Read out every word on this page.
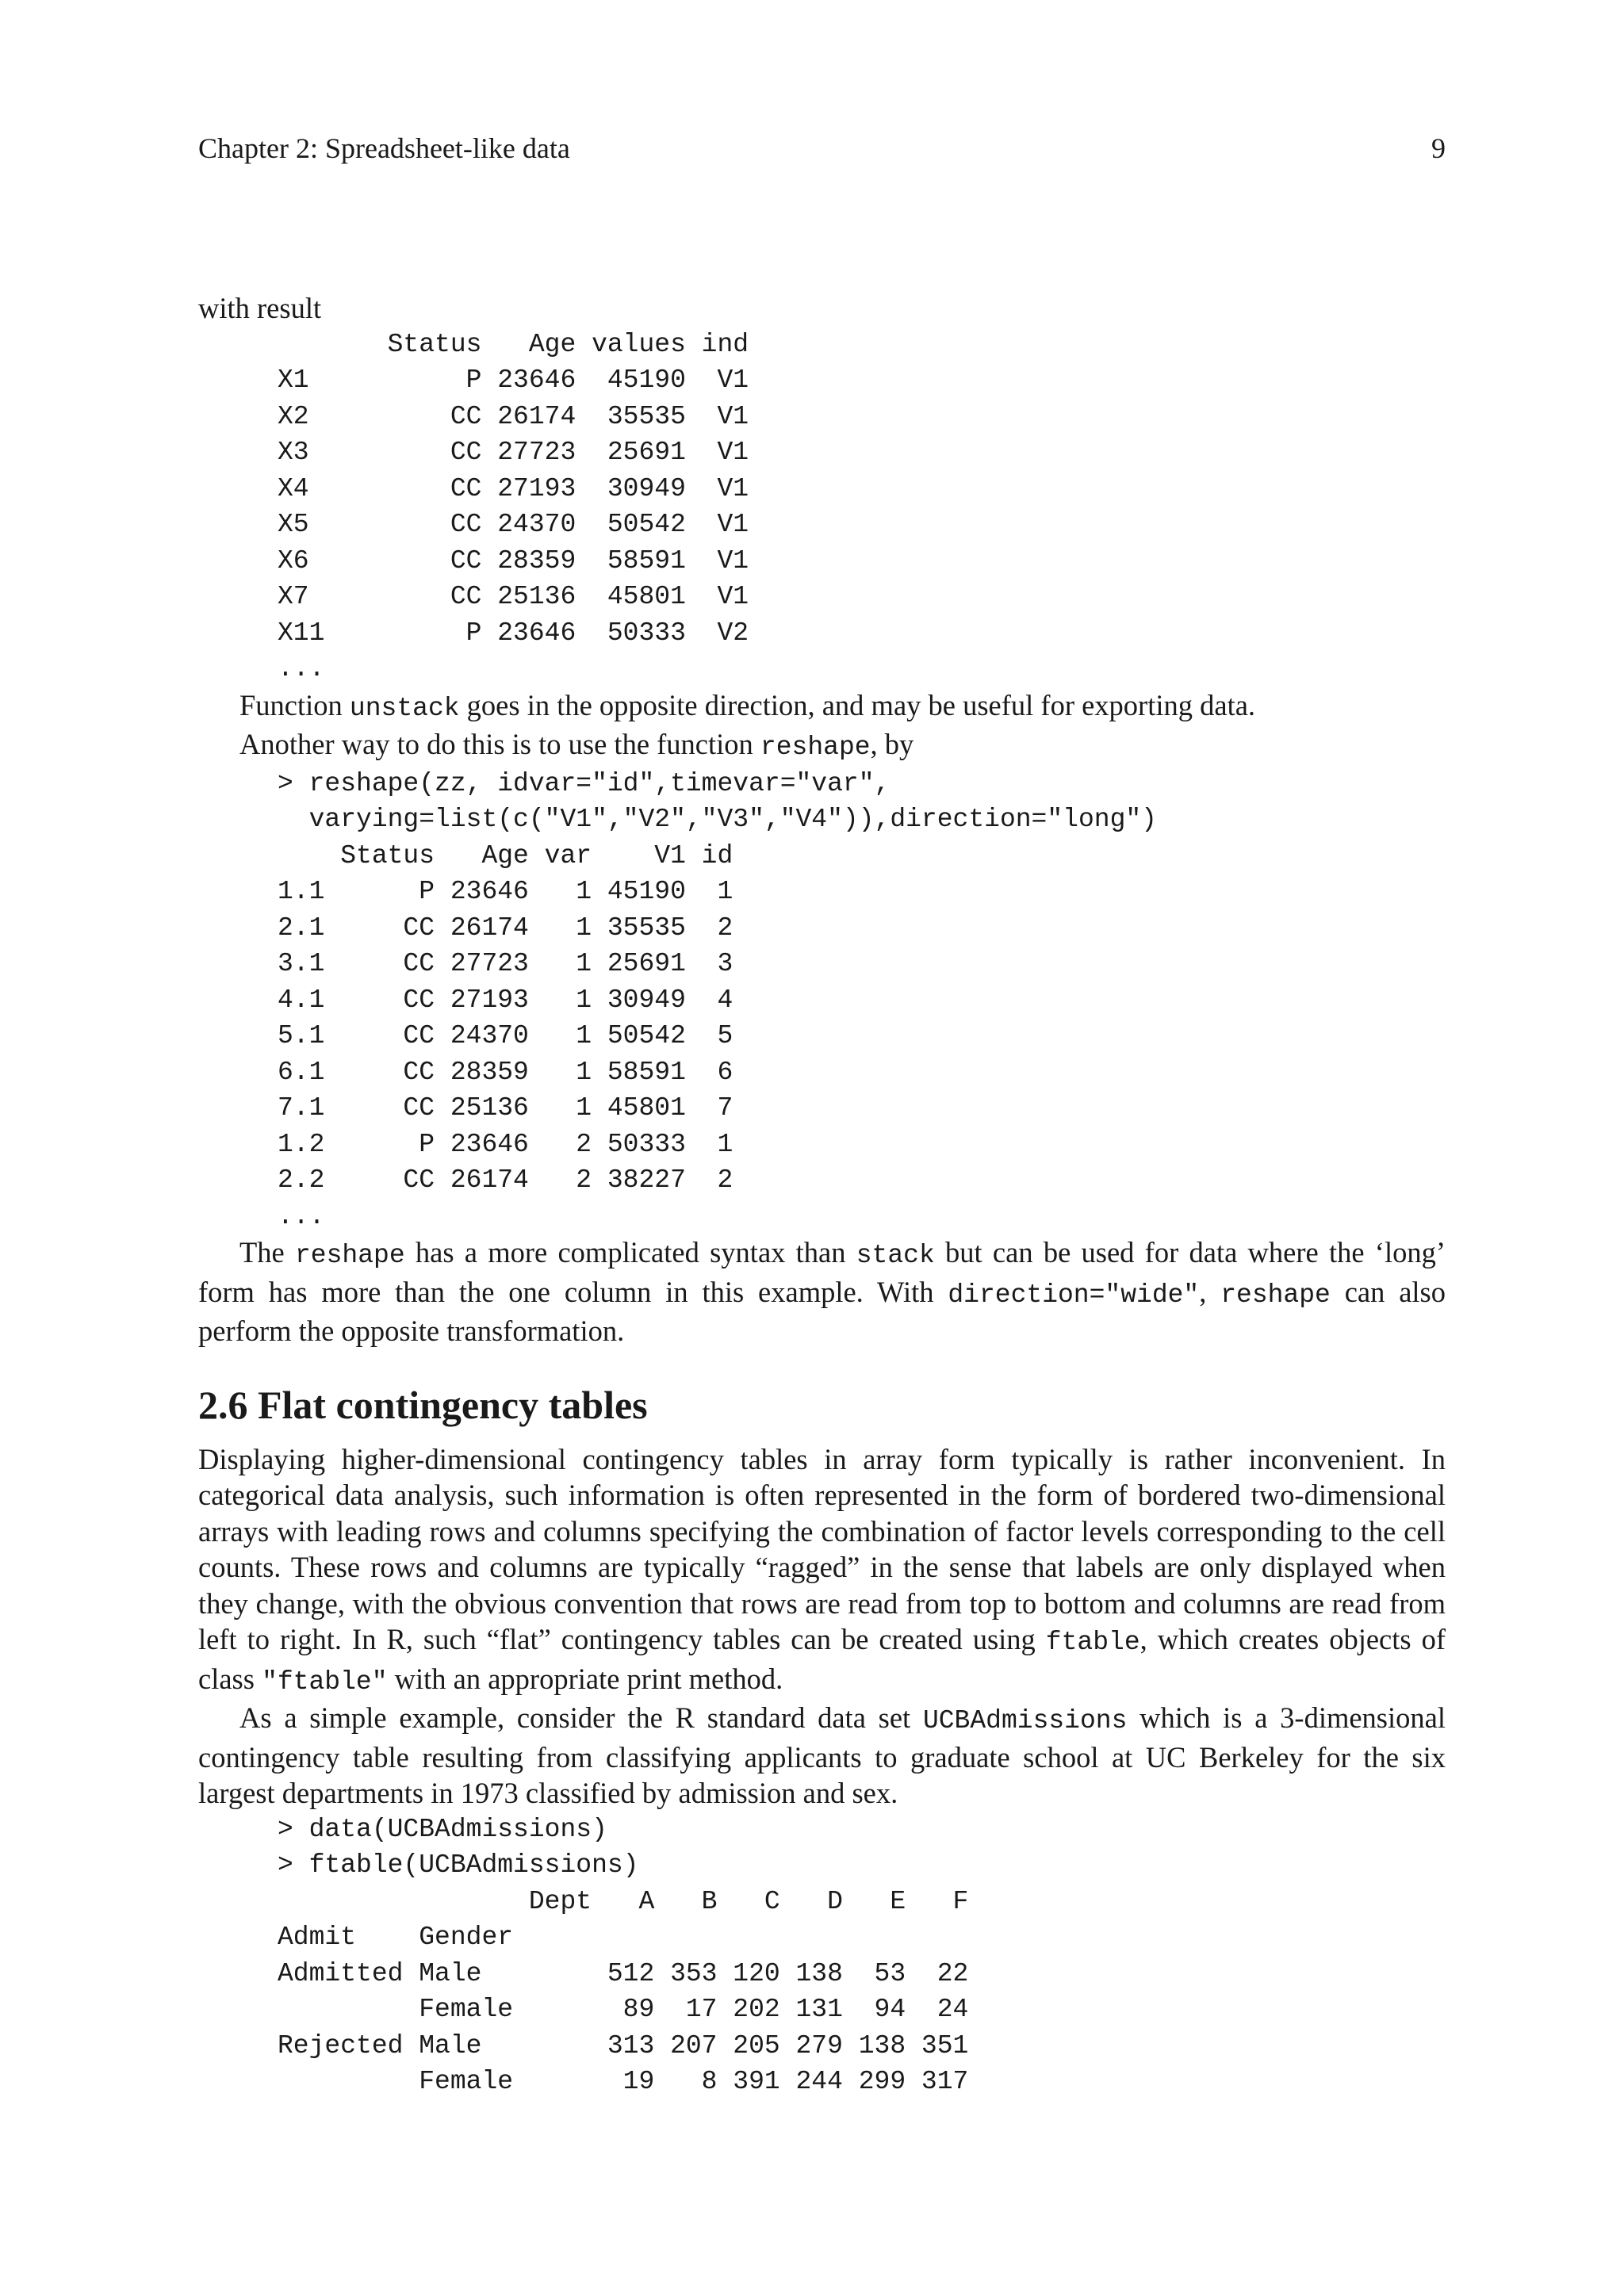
Chapter 2: Spreadsheet-like data	9

with result

Status   Age values ind
X1          P 23646  45190  V1
X2         CC 26174  35535  V1
X3         CC 27723  25691  V1
X4         CC 27193  30949  V1
X5         CC 24370  50542  V1
X6         CC 28359  58591  V1
X7         CC 25136  45801  V1
X11         P 23646  50333  V2
...

Function unstack goes in the opposite direction, and may be useful for exporting data.

Another way to do this is to use the function reshape, by

> reshape(zz, idvar="id",timevar="var",
varying=list(c("V1","V2","V3","V4")),direction="long")
Status   Age var    V1 id
1.1      P 23646   1 45190  1
2.1     CC 26174   1 35535  2
3.1     CC 27723   1 25691  3
4.1     CC 27193   1 30949  4
5.1     CC 24370   1 50542  5
6.1     CC 28359   1 58591  6
7.1     CC 25136   1 45801  7
1.2      P 23646   2 50333  1
2.2     CC 26174   2 38227  2
...

The reshape has a more complicated syntax than stack but can be used for data where the ‘long’ form has more than the one column in this example. With direction="wide", reshape can also perform the opposite transformation.

2.6 Flat contingency tables

Displaying higher-dimensional contingency tables in array form typically is rather inconvenient. In categorical data analysis, such information is often represented in the form of bordered two-dimensional arrays with leading rows and columns specifying the combination of factor levels corresponding to the cell counts. These rows and columns are typically “ragged” in the sense that labels are only displayed when they change, with the obvious convention that rows are read from top to bottom and columns are read from left to right. In R, such “flat” contingency tables can be created using ftable, which creates objects of class "ftable" with an appropriate print method.

As a simple example, consider the R standard data set UCBAdmissions which is a 3-dimensional contingency table resulting from classifying applicants to graduate school at UC Berkeley for the six largest departments in 1973 classified by admission and sex.

> data(UCBAdmissions)
> ftable(UCBAdmissions)
Dept   A   B   C   D   E   F
Admit    Gender
Admitted Male        512 353 120 138  53  22
Female       89  17 202 131  94  24
Rejected Male        313 207 205 279 138 351
Female       19   8 391 244 299 317
